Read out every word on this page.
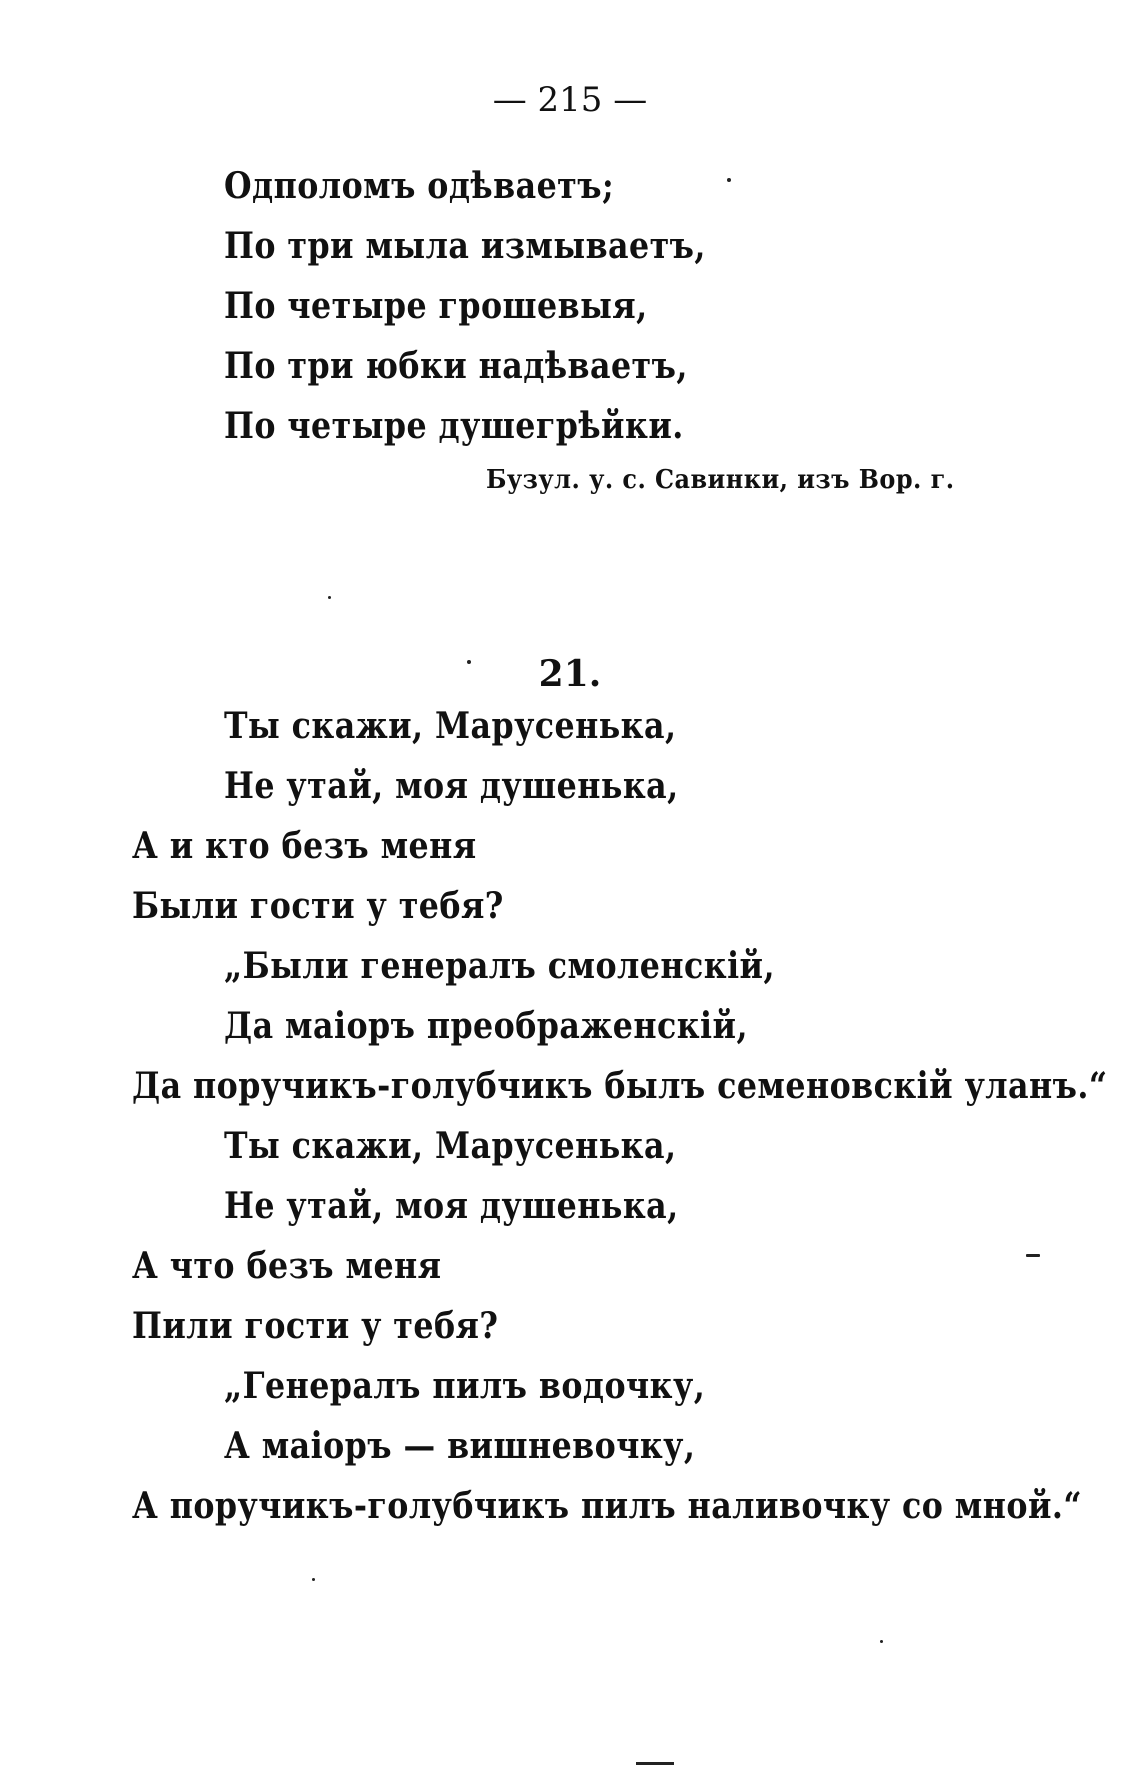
— 215 —
Одполомъ одѣваетъ;
По три мыла измываетъ,
По четыре грошевыя,
По три юбки надѣваетъ,
По четыре душегрѣйки.
Бузул. у. с. Савинки, изъ Вор. г.
21.
Ты скажи, Марусенька,
Не утай, моя душенька,
А и кто безъ меня
Были гости у тебя?
„Были генералъ смоленскій,
Да маіоръ преображенскій,
Да поручикъ-голубчикъ былъ семеновскій уланъ.“
Ты скажи, Марусенька,
Не утай, моя душенька,
А что безъ меня
Пили гости у тебя?
„Генералъ пилъ водочку,
А маіоръ — вишневочку,
А поручикъ-голубчикъ пилъ наливочку со мной.“
